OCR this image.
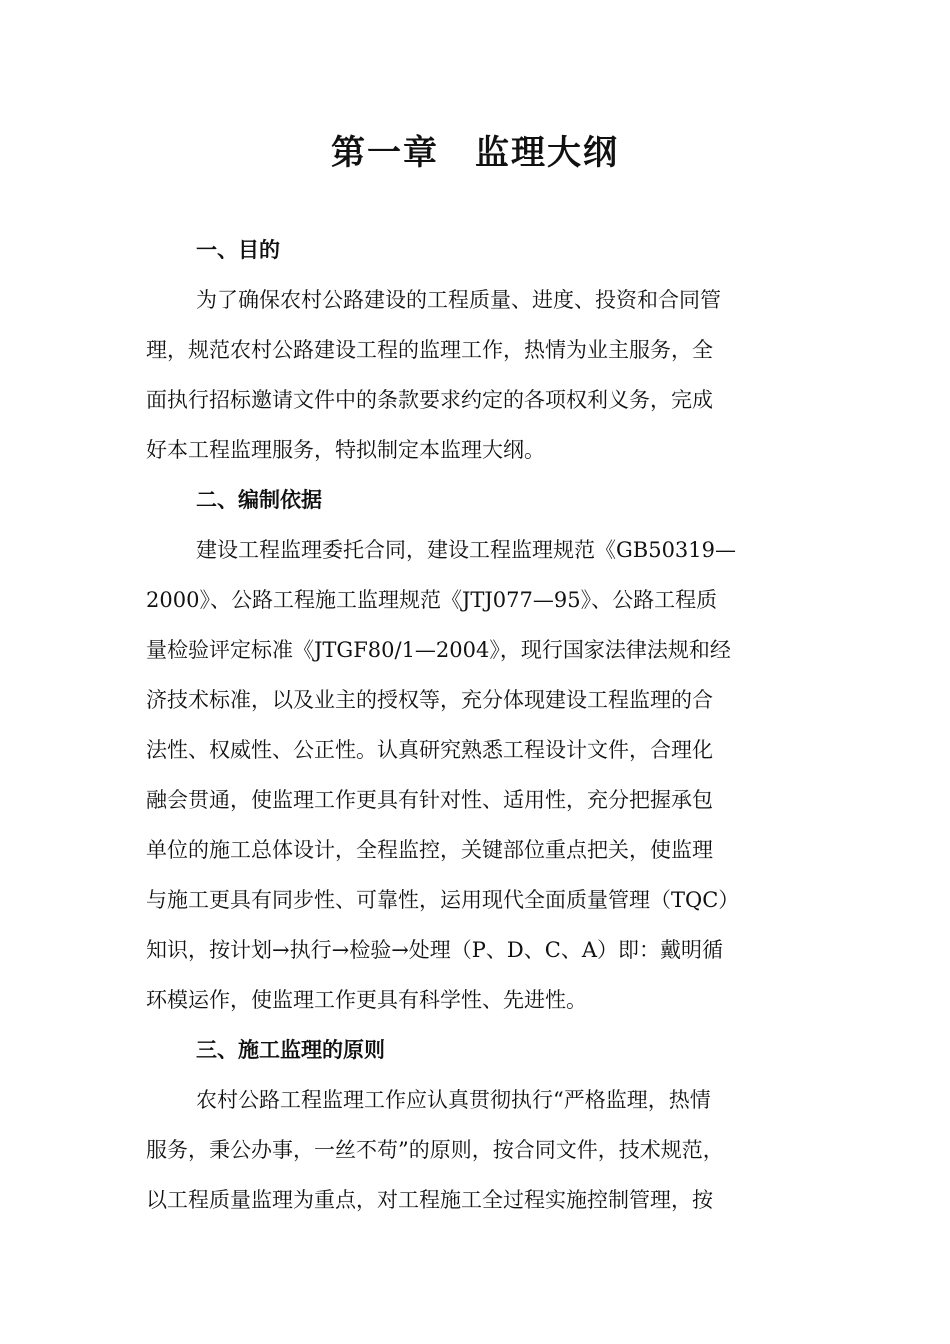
第一章　监理大纲
一、目的

为了确保农村公路建设的工程质量、进度、投资和合同管

理，规范农村公路建设工程的监理工作，热情为业主服务，全

面执行招标邀请文件中的条款要求约定的各项权利义务，完成

好本工程监理服务，特拟制定本监理大纲。

二、编制依据

建设工程监理委托合同，建设工程监理规范《GB50319—

2000》、公路工程施工监理规范《JTJ077—95》、公路工程质

量检验评定标准《JTGF80/1—2004》，现行国家法律法规和经

济技术标准，以及业主的授权等，充分体现建设工程监理的合

法性、权威性、公正性。认真研究熟悉工程设计文件，合理化

融会贯通，使监理工作更具有针对性、适用性，充分把握承包

单位的施工总体设计，全程监控，关键部位重点把关，使监理

与施工更具有同步性、可靠性，运用现代全面质量管理（TQC）

知识，按计划→执行→检验→处理（P、D、C、A）即：戴明循

环模运作，使监理工作更具有科学性、先进性。

三、施工监理的原则

农村公路工程监理工作应认真贯彻执行“严格监理，热情

服务，秉公办事，一丝不苟”的原则，按合同文件，技术规范，

以工程质量监理为重点，对工程施工全过程实施控制管理，按
